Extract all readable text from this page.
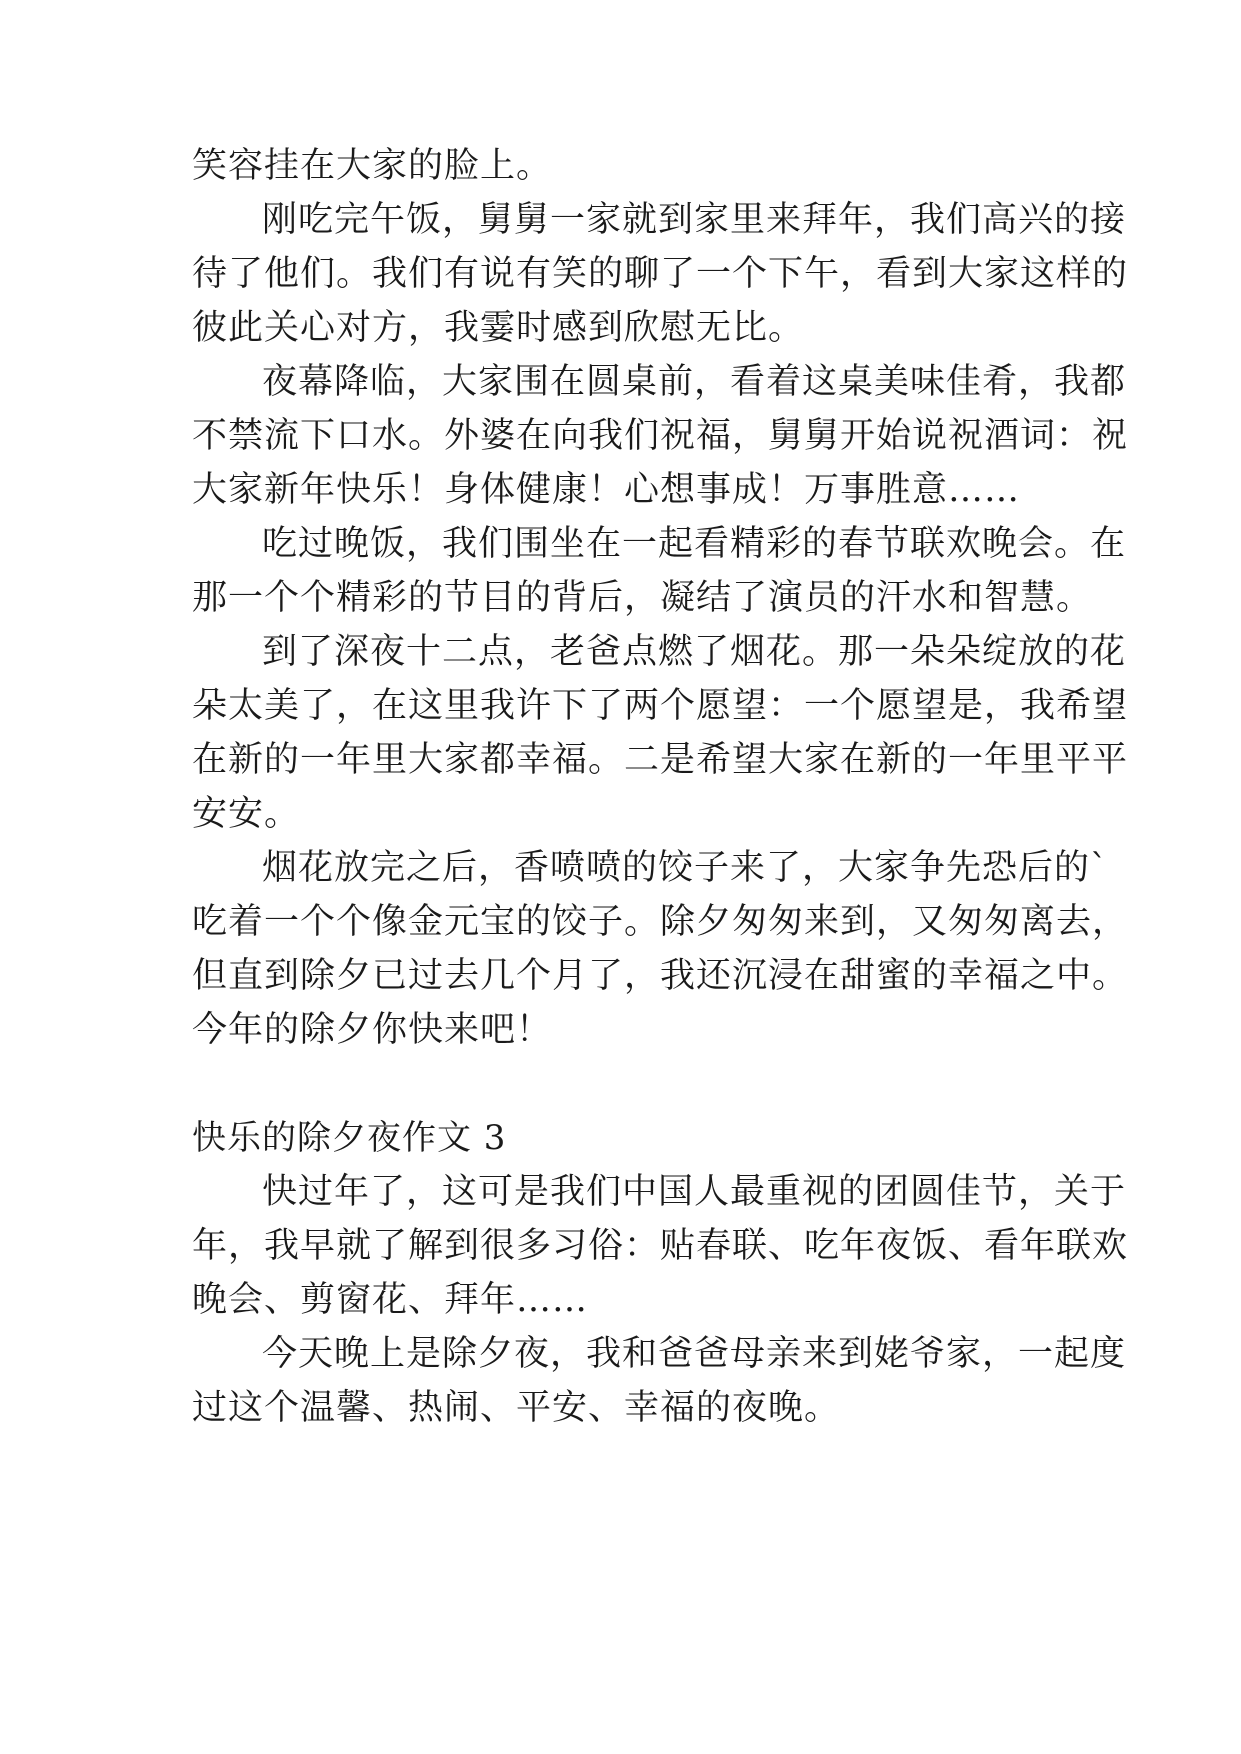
笑容挂在大家的脸上。
刚吃完午饭，舅舅一家就到家里来拜年，我们高兴的接
待了他们。我们有说有笑的聊了一个下午，看到大家这样的
彼此关心对方，我霎时感到欣慰无比。
夜幕降临，大家围在圆桌前，看着这桌美味佳肴，我都
不禁流下口水。外婆在向我们祝福，舅舅开始说祝酒词：祝
大家新年快乐！身体健康！心想事成！万事胜意……
吃过晚饭，我们围坐在一起看精彩的春节联欢晚会。在
那一个个精彩的节目的背后，凝结了演员的汗水和智慧。
到了深夜十二点，老爸点燃了烟花。那一朵朵绽放的花
朵太美了，在这里我许下了两个愿望：一个愿望是，我希望
在新的一年里大家都幸福。二是希望大家在新的一年里平平
安安。
烟花放完之后，香喷喷的饺子来了，大家争先恐后的`
吃着一个个像金元宝的饺子。除夕匆匆来到，又匆匆离去，
但直到除夕已过去几个月了，我还沉浸在甜蜜的幸福之中。
今年的除夕你快来吧！
快乐的除夕夜作文 3
快过年了，这可是我们中国人最重视的团圆佳节，关于
年，我早就了解到很多习俗：贴春联、吃年夜饭、看年联欢
晚会、剪窗花、拜年……
今天晚上是除夕夜，我和爸爸母亲来到姥爷家，一起度
过这个温馨、热闹、平安、幸福的夜晚。
